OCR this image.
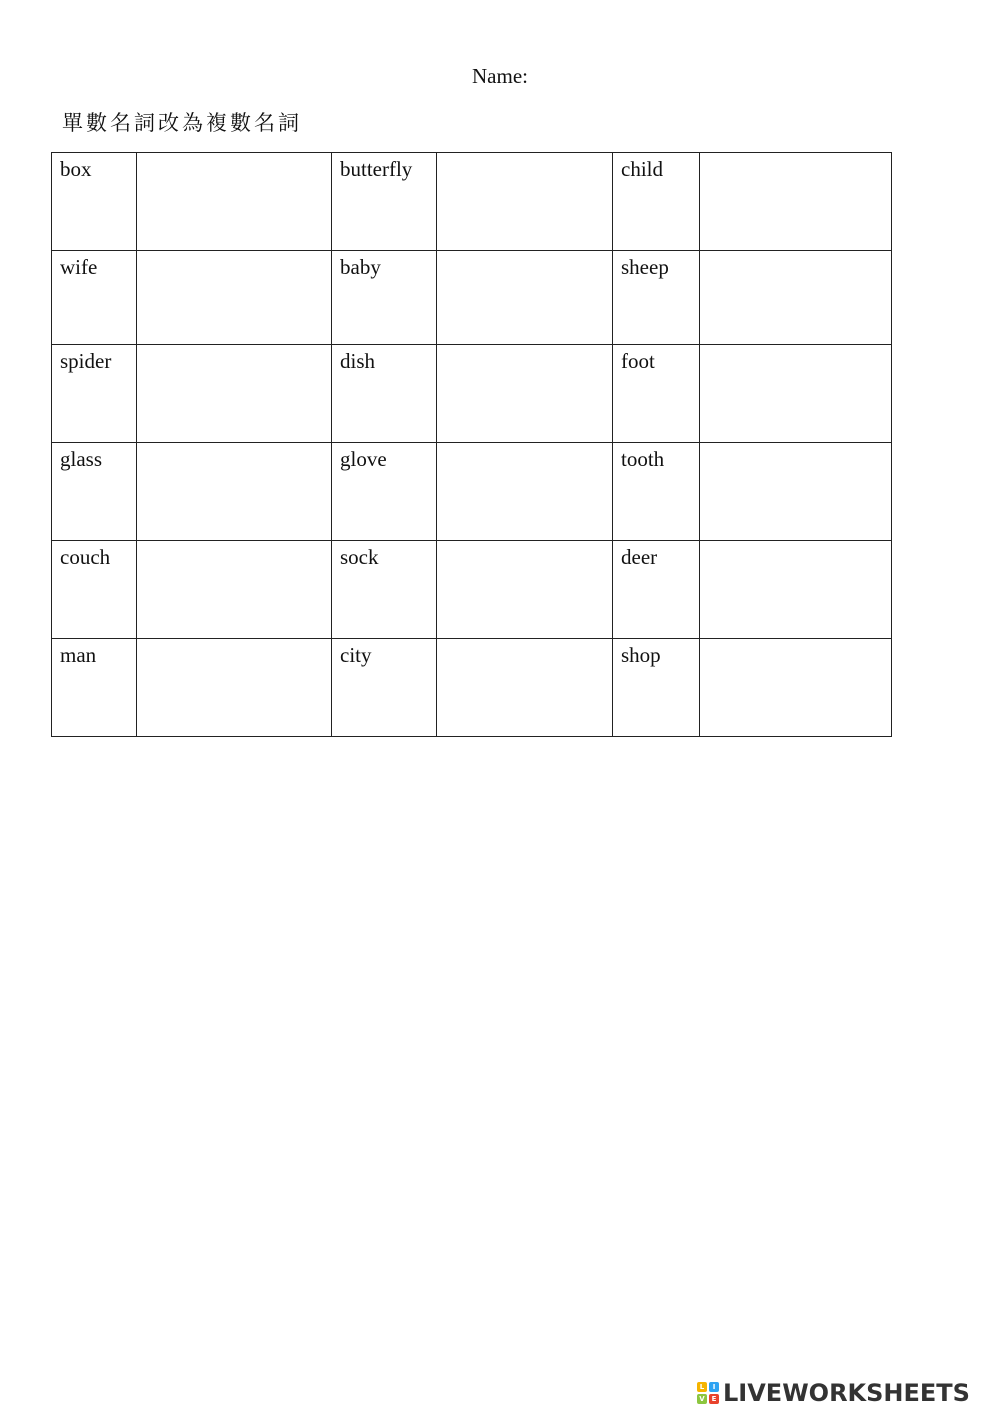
Name:
單數名詞改為複數名詞
box		butterfly		child	
wife		baby		sheep	
spider		dish		foot	
glass		glove		tooth	
couch		sock		deer	
man		city		shop	
L	I
V E LIVEWORKSHEETS
